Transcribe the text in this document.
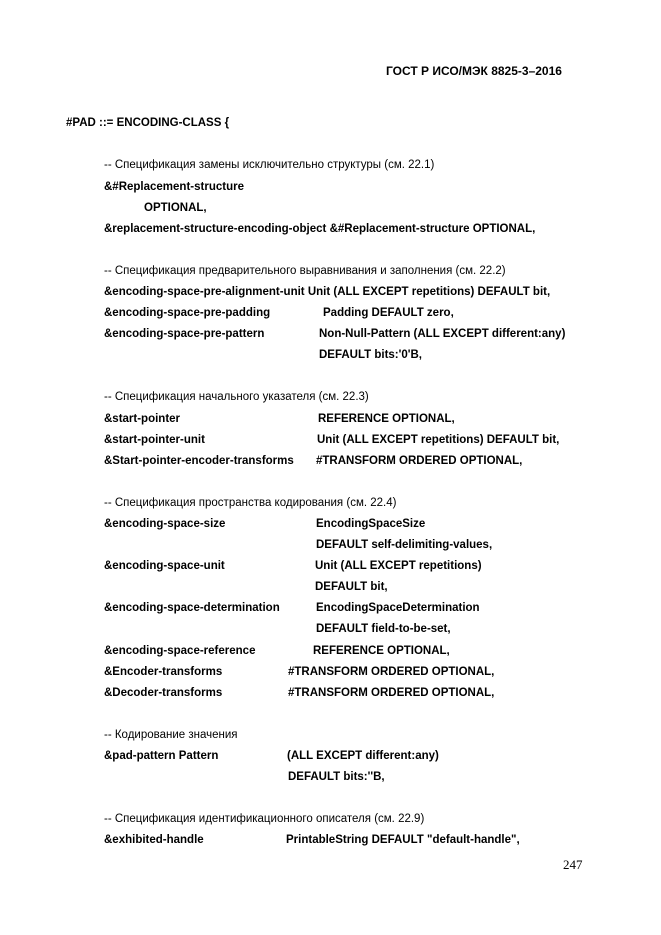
ГОСТ Р ИСО/МЭК 8825-3–2016
#PAD ::= ENCODING-CLASS {
-- Спецификация замены исключительно структуры (см. 22.1)
&#Replacement-structure
OPTIONAL,
&replacement-structure-encoding-object &#Replacement-structure OPTIONAL,
-- Спецификация предварительного выравнивания и заполнения (см. 22.2)
&encoding-space-pre-alignment-unit Unit (ALL EXCEPT repetitions) DEFAULT bit,
&encoding-space-pre-padding	Padding DEFAULT zero,
&encoding-space-pre-pattern	Non-Null-Pattern (ALL EXCEPT different:any)
DEFAULT bits:'0'B,
-- Спецификация начального указателя (см. 22.3)
&start-pointer	REFERENCE OPTIONAL,
&start-pointer-unit	Unit (ALL EXCEPT repetitions) DEFAULT bit,
&Start-pointer-encoder-transforms #TRANSFORM ORDERED OPTIONAL,
-- Спецификация пространства кодирования (см. 22.4)
&encoding-space-size	EncodingSpaceSize
DEFAULT self-delimiting-values,
&encoding-space-unit	Unit (ALL EXCEPT repetitions)
DEFAULT bit,
&encoding-space-determination	EncodingSpaceDetermination
DEFAULT field-to-be-set,
&encoding-space-reference	REFERENCE OPTIONAL,
&Encoder-transforms	#TRANSFORM ORDERED OPTIONAL,
&Decoder-transforms	#TRANSFORM ORDERED OPTIONAL,
-- Кодирование значения
&pad-pattern Pattern	(ALL EXCEPT different:any)
DEFAULT bits:''B,
-- Спецификация идентификационного описателя (см. 22.9)
&exhibited-handle	PrintableString DEFAULT "default-handle",
247
